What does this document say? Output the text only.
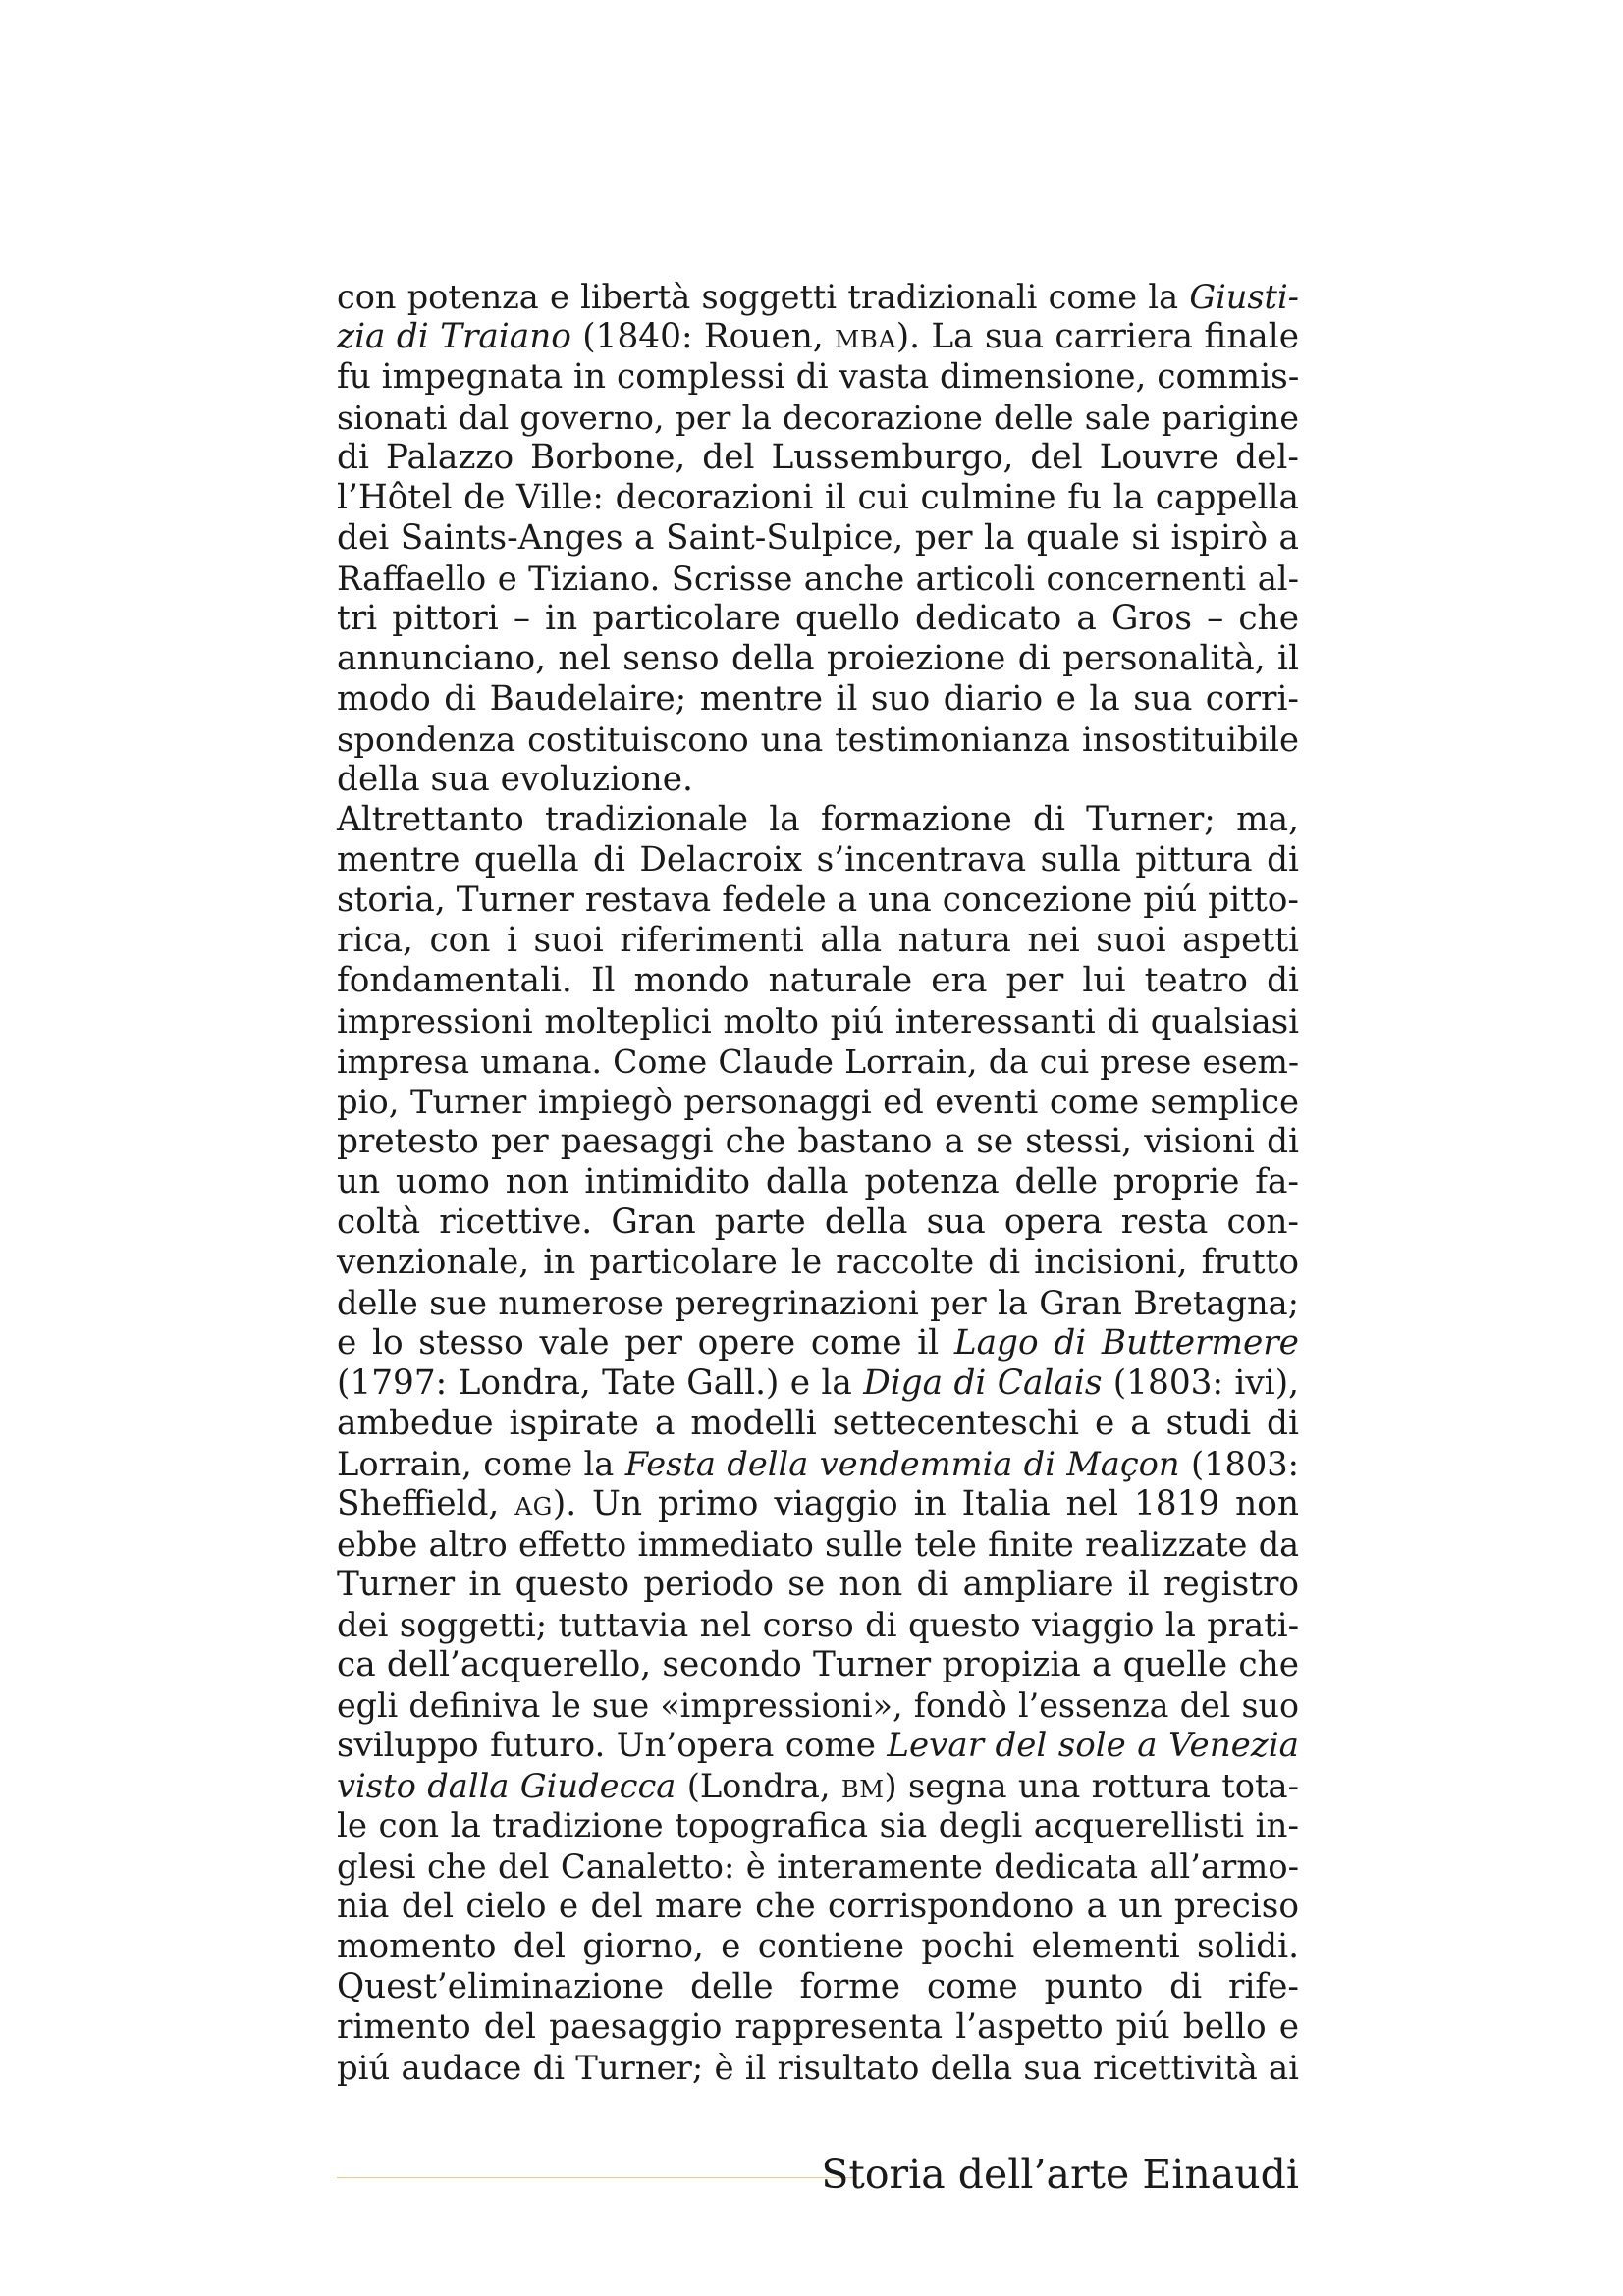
con potenza e libertà soggetti tradizionali come la Giusti-
zia di Traiano (1840: Rouen, MBA). La sua carriera finale
fu impegnata in complessi di vasta dimensione, commis-
sionati dal governo, per la decorazione delle sale parigine
di Palazzo Borbone, del Lussemburgo, del Louvre del-
l’Hôtel de Ville: decorazioni il cui culmine fu la cappella
dei Saints-Anges a Saint-Sulpice, per la quale si ispirò a
Raffaello e Tiziano. Scrisse anche articoli concernenti al-
tri pittori – in particolare quello dedicato a Gros – che
annunciano, nel senso della proiezione di personalità, il
modo di Baudelaire; mentre il suo diario e la sua corri-
spondenza costituiscono una testimonianza insostituibile
della sua evoluzione.
Altrettanto tradizionale la formazione di Turner; ma,
mentre quella di Delacroix s’incentrava sulla pittura di
storia, Turner restava fedele a una concezione piú pitto-
rica, con i suoi riferimenti alla natura nei suoi aspetti
fondamentali. Il mondo naturale era per lui teatro di
impressioni molteplici molto piú interessanti di qualsiasi
impresa umana. Come Claude Lorrain, da cui prese esem-
pio, Turner impiegò personaggi ed eventi come semplice
pretesto per paesaggi che bastano a se stessi, visioni di
un uomo non intimidito dalla potenza delle proprie fa-
coltà ricettive. Gran parte della sua opera resta con-
venzionale, in particolare le raccolte di incisioni, frutto
delle sue numerose peregrinazioni per la Gran Bretagna;
e lo stesso vale per opere come il Lago di Buttermere
(1797: Londra, Tate Gall.) e la Diga di Calais (1803: ivi),
ambedue ispirate a modelli settecenteschi e a studi di
Lorrain, come la Festa della vendemmia di Maçon (1803:
Sheffield, AG). Un primo viaggio in Italia nel 1819 non
ebbe altro effetto immediato sulle tele finite realizzate da
Turner in questo periodo se non di ampliare il registro
dei soggetti; tuttavia nel corso di questo viaggio la prati-
ca dell’acquerello, secondo Turner propizia a quelle che
egli definiva le sue «impressioni», fondò l’essenza del suo
sviluppo futuro. Un’opera come Levar del sole a Venezia
visto dalla Giudecca (Londra, BM) segna una rottura tota-
le con la tradizione topografica sia degli acquerellisti in-
glesi che del Canaletto: è interamente dedicata all’armo-
nia del cielo e del mare che corrispondono a un preciso
momento del giorno, e contiene pochi elementi solidi.
Quest’eliminazione delle forme come punto di rife-
rimento del paesaggio rappresenta l’aspetto piú bello e
piú audace di Turner; è il risultato della sua ricettività ai
Storia dell’arte Einaudi
